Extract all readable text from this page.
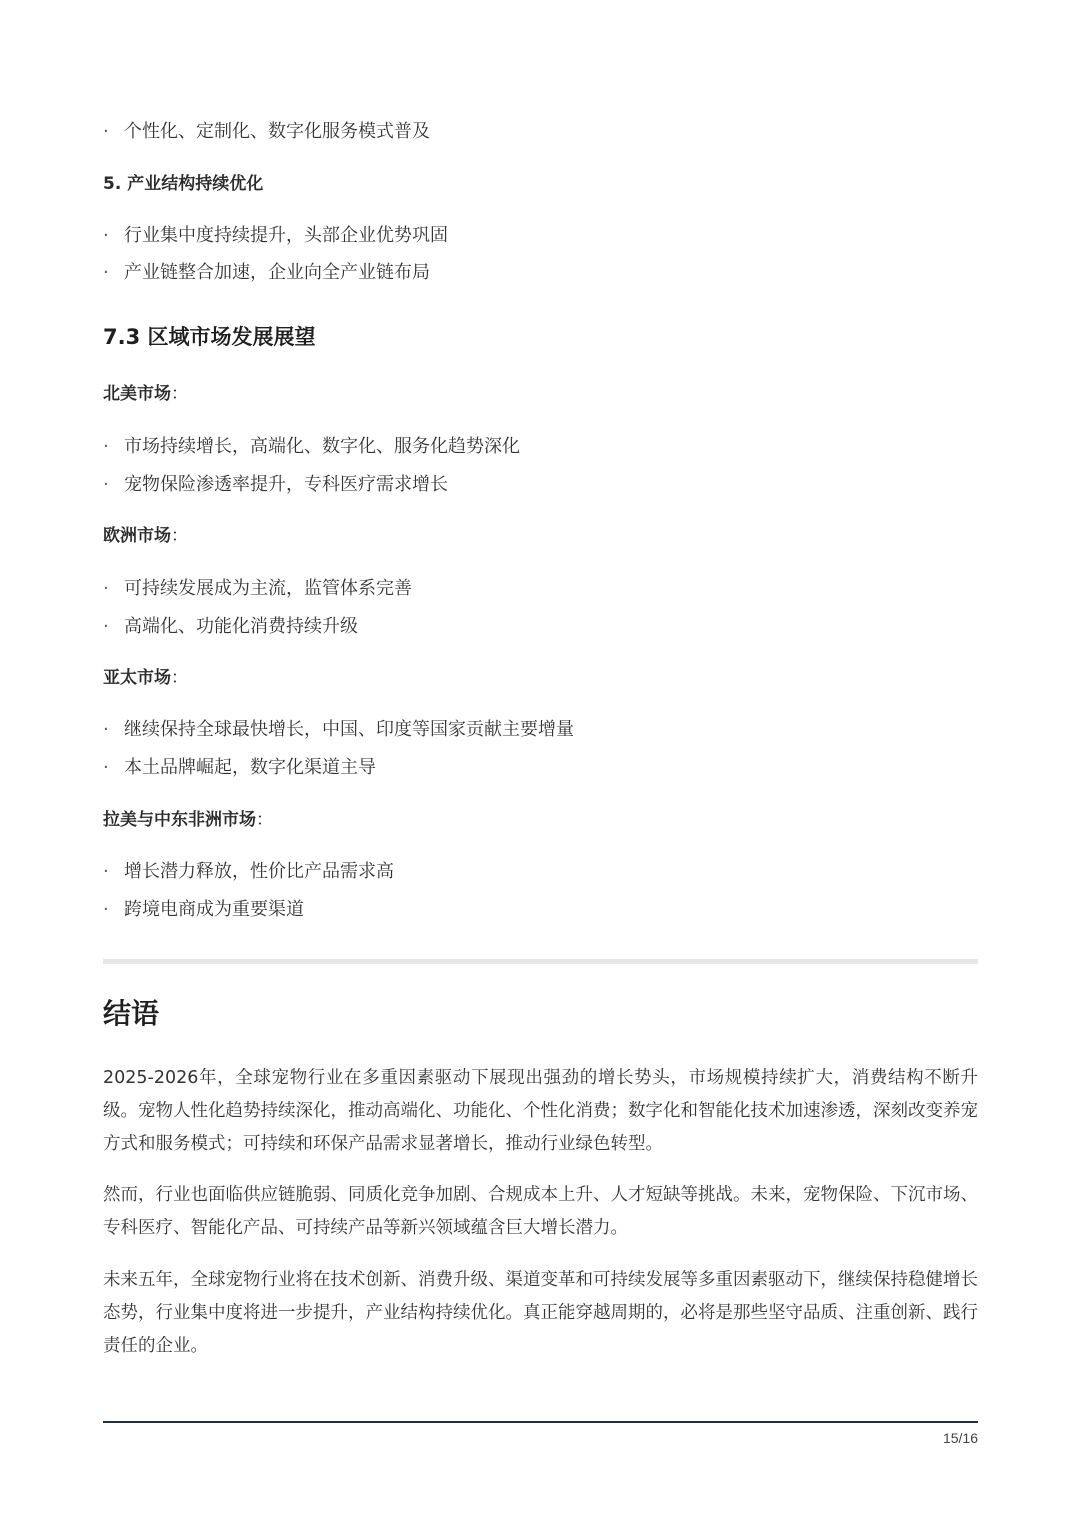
· 个性化、定制化、数字化服务模式普及
5. 产业结构持续优化
· 行业集中度持续提升，头部企业优势巩固
· 产业链整合加速，企业向全产业链布局
7.3 区域市场发展展望
北美市场：
· 市场持续增长，高端化、数字化、服务化趋势深化
· 宠物保险渗透率提升，专科医疗需求增长
欧洲市场：
· 可持续发展成为主流，监管体系完善
· 高端化、功能化消费持续升级
亚太市场：
· 继续保持全球最快增长，中国、印度等国家贡献主要增量
· 本土品牌崛起，数字化渠道主导
拉美与中东非洲市场：
· 增长潜力释放，性价比产品需求高
· 跨境电商成为重要渠道
结语
2025-2026年，全球宠物行业在多重因素驱动下展现出强劲的增长势头，市场规模持续扩大，消费结构不断升级。宠物人性化趋势持续深化，推动高端化、功能化、个性化消费；数字化和智能化技术加速渗透，深刻改变养宠方式和服务模式；可持续和环保产品需求显著增长，推动行业绿色转型。
然而，行业也面临供应链脆弱、同质化竞争加剧、合规成本上升、人才短缺等挑战。未来，宠物保险、下沉市场、专科医疗、智能化产品、可持续产品等新兴领域蕴含巨大增长潜力。
未来五年，全球宠物行业将在技术创新、消费升级、渠道变革和可持续发展等多重因素驱动下，继续保持稳健增长态势，行业集中度将进一步提升，产业结构持续优化。真正能穿越周期的，必将是那些坚守品质、注重创新、践行责任的企业。
15/16
